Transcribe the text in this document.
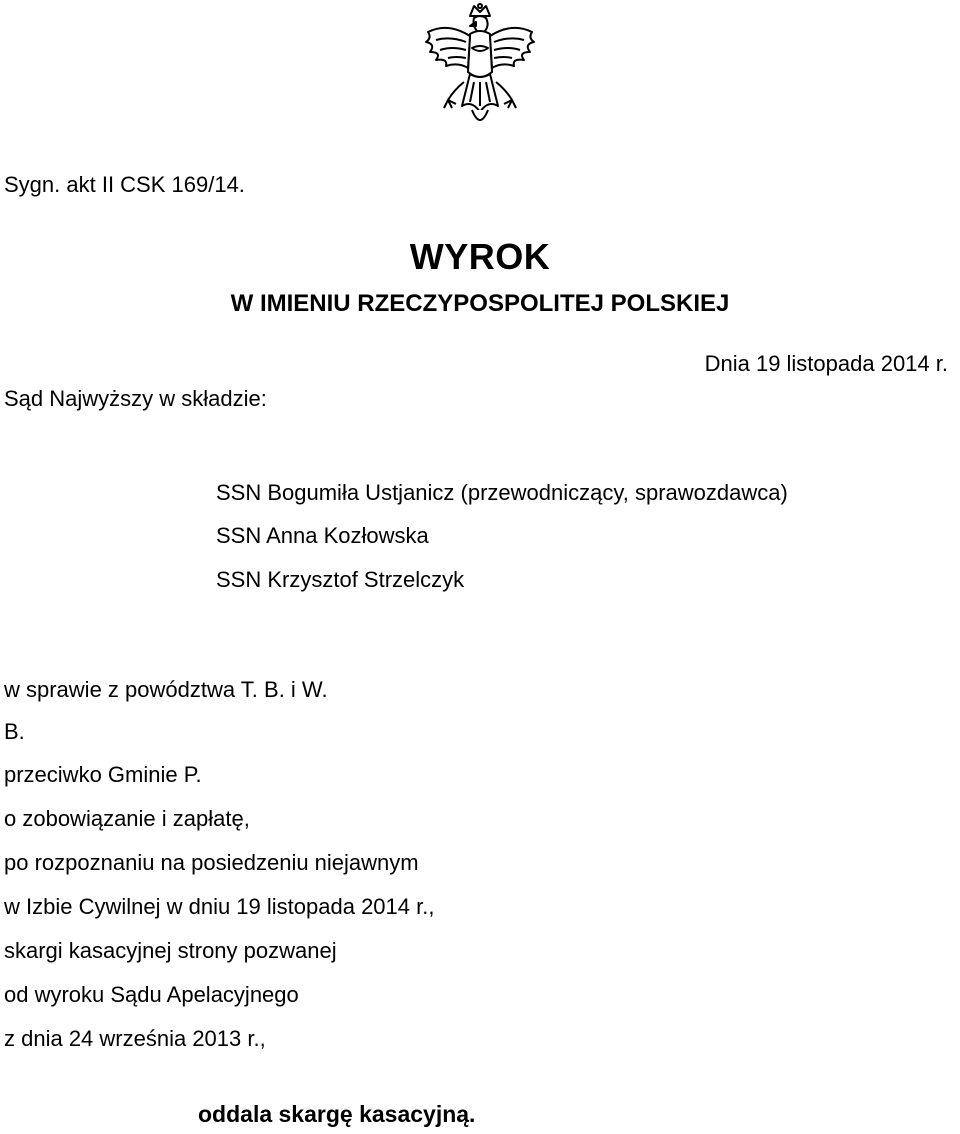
Sygn. akt II CSK 169/14.
WYROK
W IMIENIU RZECZYPOSPOLITEJ POLSKIEJ
Dnia 19 listopada 2014 r.
Sąd Najwyższy w składzie:
SSN Bogumiła Ustjanicz (przewodniczący, sprawozdawca)
SSN Anna Kozłowska
SSN Krzysztof Strzelczyk
w sprawie z powództwa T. B. i W.
B.
przeciwko Gminie P.
o zobowiązanie i zapłatę,
po rozpoznaniu na posiedzeniu niejawnym
w Izbie Cywilnej w dniu 19 listopada 2014 r.,
skargi kasacyjnej strony pozwanej
od wyroku Sądu Apelacyjnego
z dnia 24 września 2013 r.,
oddala skargę kasacyjną.
